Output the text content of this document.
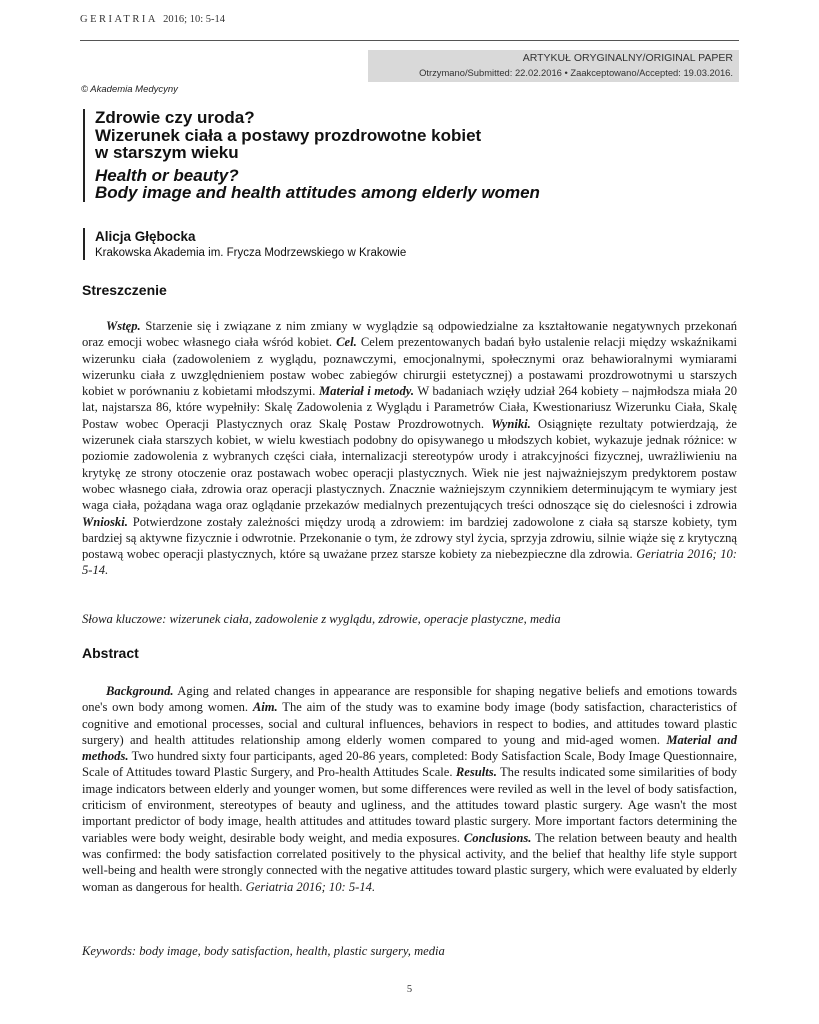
GERIATRIA 2016; 10: 5-14
ARTYKUŁ ORYGINALNY/ORIGINAL PAPER
Otrzymano/Submitted: 22.02.2016 • Zaakceptowano/Accepted: 19.03.2016.
© Akademia Medycyny
Zdrowie czy uroda?
Wizerunek ciała a postawy prozdrowotne kobiet
w starszym wieku
Health or beauty?
Body image and health attitudes among elderly women
Alicja Głębocka
Krakowska Akademia im. Frycza Modrzewskiego w Krakowie
Streszczenie
Wstęp. Starzenie się i związane z nim zmiany w wyglądzie są odpowiedzialne za kształtowanie negatywnych przekonań oraz emocji wobec własnego ciała wśród kobiet. Cel. Celem prezentowanych badań było ustalenie relacji między wskaźnikami wizerunku ciała (zadowoleniem z wyglądu, poznawczymi, emocjonalnymi, społecznymi oraz behawioralnymi wymiarami wizerunku ciała z uwzględnieniem postaw wobec zabiegów chirurgii estetycznej) a postawami prozdrowotnymi u starszych kobiet w porównaniu z kobietami młodszymi. Materiał i metody. W badaniach wzięły udział 264 kobiety – najmłodsza miała 20 lat, najstarsza 86, które wypełniły: Skalę Zadowolenia z Wyglądu i Parametrów Ciała, Kwestionariusz Wizerunku Ciała, Skalę Postaw wobec Operacji Plastycznych oraz Skalę Postaw Prozdrowotnych. Wyniki. Osiągnięte rezultaty potwierdzają, że wizerunek ciała starszych kobiet, w wielu kwestiach podobny do opisywanego u młodszych kobiet, wykazuje jednak różnice: w poziomie zadowolenia z wybranych części ciała, internalizacji stereotypów urody i atrakcyjności fizycznej, uwrażliwieniu na krytykę ze strony otoczenie oraz postawach wobec operacji plastycznych. Wiek nie jest najważniejszym predyktorem postaw wobec własnego ciała, zdrowia oraz operacji plastycznych. Znacznie ważniejszym czynnikiem determinującym te wymiary jest waga ciała, pożądana waga oraz oglądanie przekazów medialnych prezentujących treści odnoszące się do cielesności i zdrowia Wnioski. Potwierdzone zostały zależności między urodą a zdrowiem: im bardziej zadowolone z ciała są starsze kobiety, tym bardziej są aktywne fizycznie i odwrotnie. Przekonanie o tym, że zdrowy styl życia, sprzyja zdrowiu, silnie wiąże się z krytyczną postawą wobec operacji plastycznych, które są uważane przez starsze kobiety za niebezpieczne dla zdrowia. Geriatria 2016; 10: 5-14.
Słowa kluczowe: wizerunek ciała, zadowolenie z wyglądu, zdrowie, operacje plastyczne, media
Abstract
Background. Aging and related changes in appearance are responsible for shaping negative beliefs and emotions towards one's own body among women. Aim. The aim of the study was to examine body image (body satisfaction, characteristics of cognitive and emotional processes, social and cultural influences, behaviors in respect to bodies, and attitudes toward plastic surgery) and health attitudes relationship among elderly women compared to young and mid-aged women. Material and methods. Two hundred sixty four participants, aged 20-86 years, completed: Body Satisfaction Scale, Body Image Questionnaire, Scale of Attitudes toward Plastic Surgery, and Pro-health Attitudes Scale. Results. The results indicated some similarities of body image indicators between elderly and younger women, but some differences were reviled as well in the level of body satisfaction, criticism of environment, stereotypes of beauty and ugliness, and the attitudes toward plastic surgery. Age wasn't the most important predictor of body image, health attitudes and attitudes toward plastic surgery. More important factors determining the variables were body weight, desirable body weight, and media exposures. Conclusions. The relation between beauty and health was confirmed: the body satisfaction correlated positively to the physical activity, and the belief that healthy life style support well-being and health were strongly connected with the negative attitudes toward plastic surgery, which were evaluated by elderly woman as dangerous for health. Geriatria 2016; 10: 5-14.
Keywords: body image, body satisfaction, health, plastic surgery, media
5
